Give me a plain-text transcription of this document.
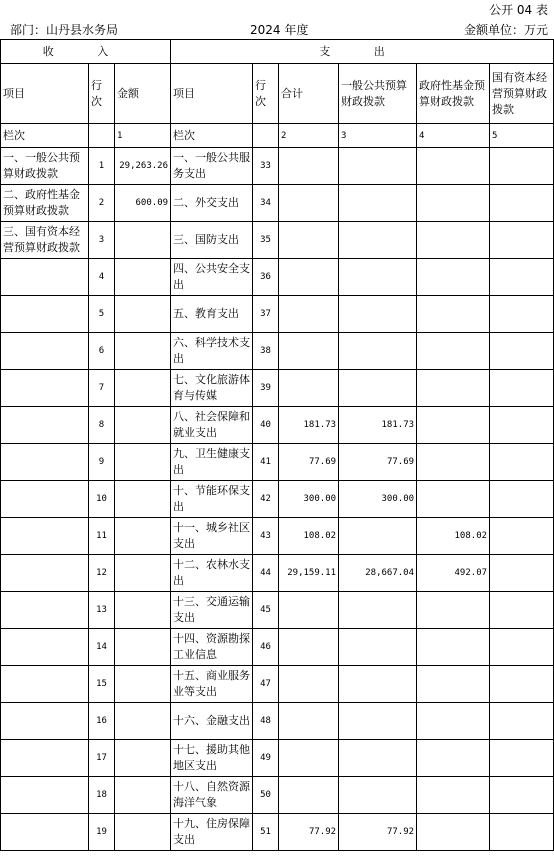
公开 04 表
部门：山丹县水务局	2024 年度	金额单位：万元
收 入			支 出					
项目	行次	金额	项目	行次	合计	一般公共预算财政拨款	政府性基金预算财政拨款	国有资本经营预算财政拨款
栏次		1	栏次		2	3	4	5

一、一般公共预算财政拨款	1	29,263.26	一、一般公共服务支出	33				

二、政府性基金预算财政拨款	2	600.09	二、外交支出	34				

三、国有资本经营预算财政拨款	3		三、国防支出	35				

	4		四、公共安全支出	36				

	5		五、教育支出	37				

	6		六、科学技术支出	38				

	7		七、文化旅游体育与传媒	39				

	8		八、社会保障和就业支出	40	181.73	181.73		

	9		九、卫生健康支出	41	77.69	77.69		

	10		十、节能环保支出	42	300.00	300.00		

	11		十一、城乡社区支出	43	108.02		108.02	

	12		十二、农林水支出	44	29,159.11	28,667.04	492.07	

	13		十三、交通运输支出	45				

	14		十四、资源勘探工业信息	46				

	15		十五、商业服务业等支出	47				

	16		十六、金融支出	48				

	17		十七、援助其他地区支出	49				

	18		十八、自然资源海洋气象	50				

	19		十九、住房保障支出	51	77.92	77.92		
